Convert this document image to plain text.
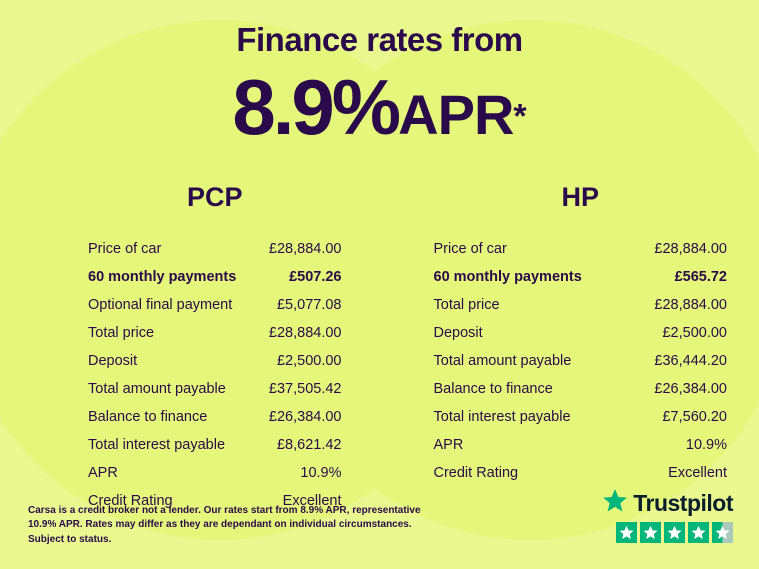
Finance rates from
8.9%APR*
PCP
Price of car	£28,884.00
60 monthly payments	£507.26
Optional final payment	£5,077.08
Total price	£28,884.00
Deposit	£2,500.00
Total amount payable	£37,505.42
Balance to finance	£26,384.00
Total interest payable	£8,621.42
APR	10.9%
Credit Rating	Excellent
HP
Price of car	£28,884.00
60 monthly payments	£565.72
Total price	£28,884.00
Deposit	£2,500.00
Total amount payable	£36,444.20
Balance to finance	£26,384.00
Total interest payable	£7,560.20
APR	10.9%
Credit Rating	Excellent
Carsa is a credit broker not a lender. Our rates start from 8.9% APR, representative 10.9% APR. Rates may differ as they are dependant on individual circumstances. Subject to status.
Trustpilot
